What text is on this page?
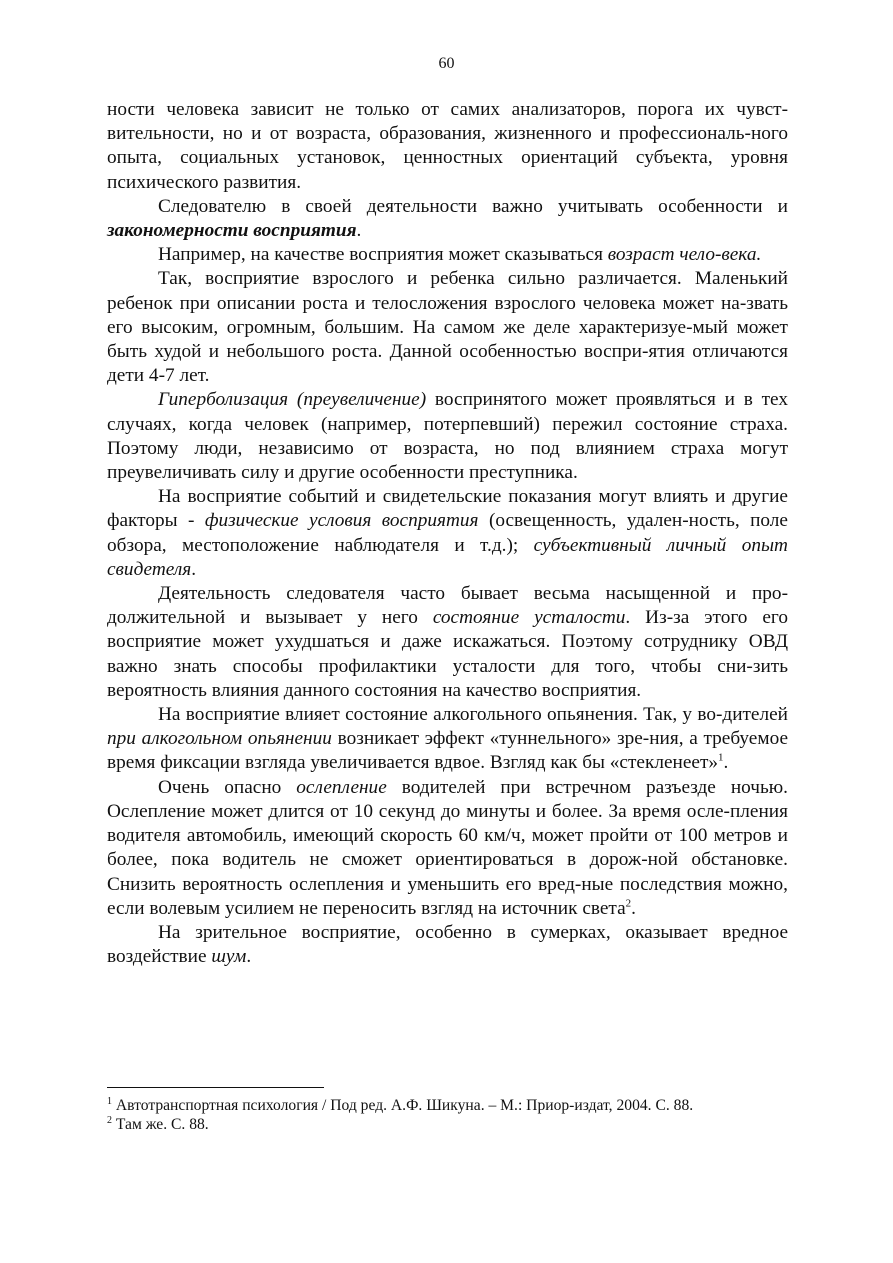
60

ности человека зависит не только от самих анализаторов, порога их чувст-вительности, но и от возраста, образования, жизненного и профессиональ-ного опыта, социальных установок, ценностных ориентаций субъекта, уровня психического развития.

Следователю в своей деятельности важно учитывать особенности и закономерности восприятия.

Например, на качестве восприятия может сказываться возраст чело-века.

Так, восприятие взрослого и ребенка сильно различается. Маленький ребенок при описании роста и телосложения взрослого человека может на-звать его высоким, огромным, большим. На самом же деле характеризуе-мый может быть худой и небольшого роста. Данной особенностью воспри-ятия отличаются дети 4-7 лет.

Гиперболизация (преувеличение) воспринятого может проявляться и в тех случаях, когда человек (например, потерпевший) пережил состояние страха. Поэтому люди, независимо от возраста, но под влиянием страха могут преувеличивать силу и другие особенности преступника.

На восприятие событий и свидетельские показания могут влиять и другие факторы - физические условия восприятия (освещенность, удален-ность, поле обзора, местоположение наблюдателя и т.д.); субъективный личный опыт свидетеля.

Деятельность следователя часто бывает весьма насыщенной и про-должительной и вызывает у него состояние усталости. Из-за этого его восприятие может ухудшаться и даже искажаться. Поэтому сотруднику ОВД важно знать способы профилактики усталости для того, чтобы сни-зить вероятность влияния данного состояния на качество восприятия.

На восприятие влияет состояние алкогольного опьянения. Так, у во-дителей при алкогольном опьянении возникает эффект «туннельного» зре-ния, а требуемое время фиксации взгляда увеличивается вдвое. Взгляд как бы «стекленеет»$^1$.

Очень опасно ослепление водителей при встречном разъезде ночью. Ослепление может длится от 10 секунд до минуты и более. За время осле-пления водителя автомобиль, имеющий скорость 60 км/ч, может пройти от 100 метров и более, пока водитель не сможет ориентироваться в дорож-ной обстановке. Снизить вероятность ослепления и уменьшить его вред-ные последствия можно, если волевым усилием не переносить взгляд на источник света$^2$.

На зрительное восприятие, особенно в сумерках, оказывает вредное воздействие шум.

$^1$ Автотранспортная психология / Под ред. А.Ф. Шикуна. – М.: Приор-издат, 2004. С. 88.

$^2$ Там же. С. 88.
